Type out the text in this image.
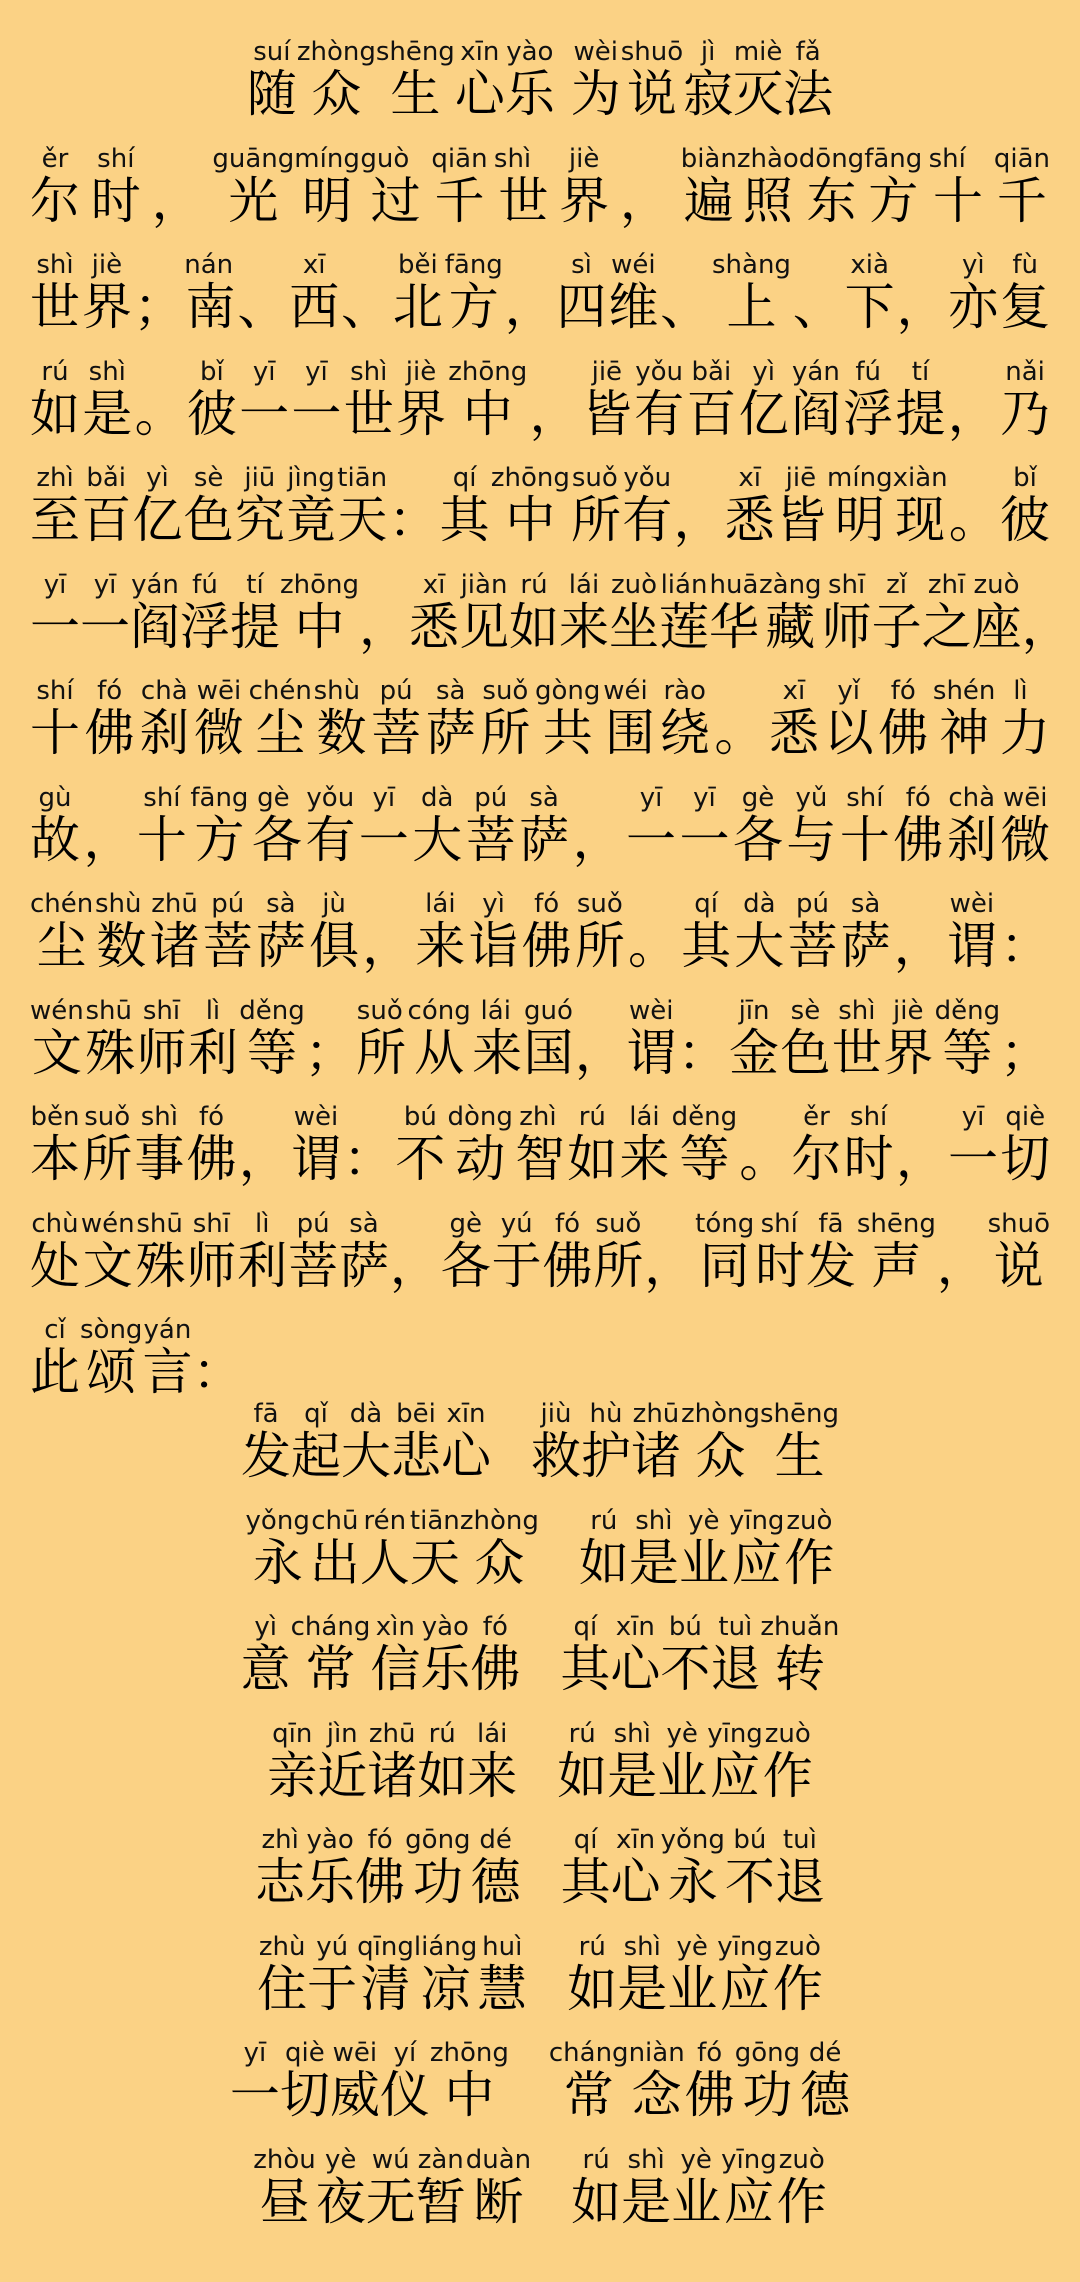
随suí众zhòng生shēng心xīn乐yào  为wèi说shuō寂jì灭miè法fǎ

尔ěr时shí， 光guāng明míng过guò千qiān世shì界jiè， 遍biàn照zhào东dōng方fāng十shí千qiān

世shì界jiè； 南nán、 西xī、 北běi方fāng， 四sì维wéi、 上shàng、 下xià， 亦yì复fù

如rú是shì。 彼bǐ一yī一yī世shì界jiè中zhōng， 皆jiē有yǒu百bǎi亿yì阎yán浮fú提tí， 乃nǎi

至zhì百bǎi亿yì色sè究jiū竟jìng天tiān： 其qí中zhōng所suǒ有yǒu， 悉xī皆jiē明míng现xiàn。 彼bǐ

一yī一yī阎yán浮fú提tí中zhōng， 悉xī见jiàn如rú来lái坐zuò莲lián华huā藏zàng师shī子zǐ之zhī座zuò，

十shí佛fó刹chà微wēi尘chén数shù菩pú萨sà所suǒ共gòng围wéi绕rào。 悉xī以yǐ佛fó神shén力lì

故gù， 十shí方fāng各gè有yǒu一yī大dà菩pú萨sà， 一yī一yī各gè与yǔ十shí佛fó刹chà微wēi

尘chén数shù诸zhū菩pú萨sà俱jù， 来lái诣yì佛fó所suǒ。 其qí大dà菩pú萨sà， 谓wèi：

文wén殊shū师shī利lì等děng； 所suǒ从cóng来lái国guó， 谓wèi： 金jīn色sè世shì界jiè等děng；

本běn所suǒ事shì佛fó， 谓wèi： 不bú动dòng智zhì如rú来lái等děng。 尔ěr时shí， 一yī切qiè

处chù文wén殊shū师shī利lì菩pú萨sà， 各gè于yú佛fó所suǒ， 同tóng时shí发fā声shēng， 说shuō

此cǐ颂sòng言yán：

发fā起qǐ大dà悲bēi心xīn救jiù护hù诸zhū众zhòng生shēng
永yǒng出chū人rén天tiān众zhòng如rú是shì业yè应yīng作zuò
意yì常cháng信xìn乐yào佛fó其qí心xīn不bú退tuì转zhuǎn
亲qīn近jìn诸zhū如rú来lái如rú是shì业yè应yīng作zuò
志zhì乐yào佛fó功gōng德dé其qí心xīn永yǒng不bú退tuì
住zhù于yú清qīng凉liáng慧huì如rú是shì业yè应yīng作zuò
一yī切qiè威wēi仪yí中zhōng常cháng念niàn佛fó功gōng德dé
昼zhòu夜yè无wú暂zàn断duàn如rú是shì业yè应yīng作zuò
